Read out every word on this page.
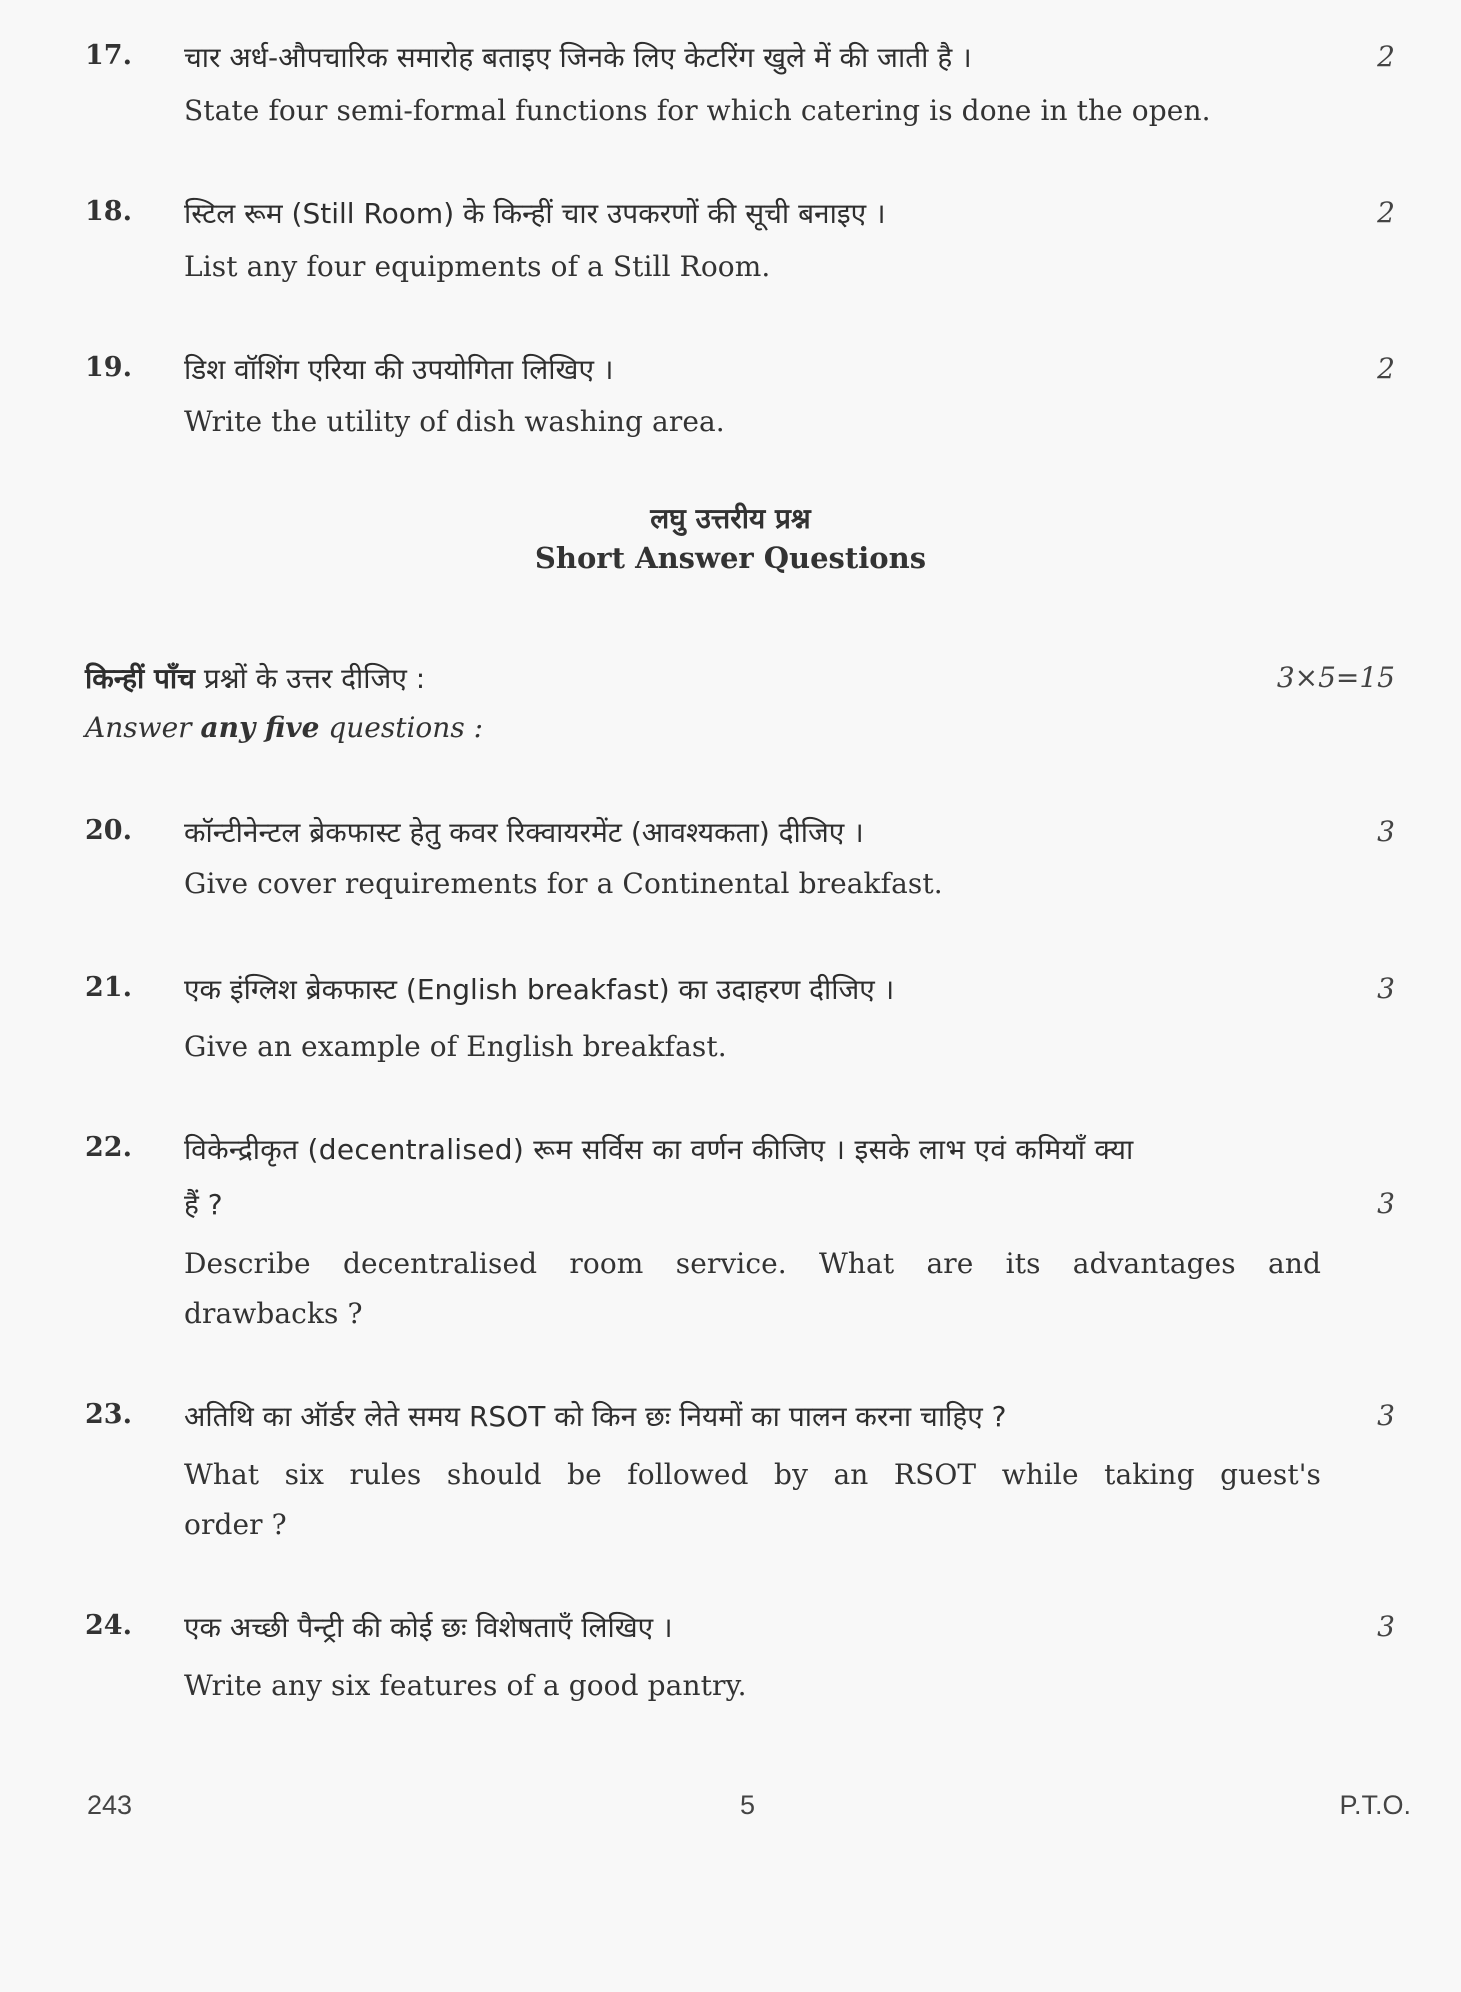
17. चार अर्ध-औपचारिक समारोह बताइए जिनके लिए केटरिंग खुले में की जाती है ।	2
State four semi-formal functions for which catering is done in the open.
18. स्टिल रूम (Still Room) के किन्हीं चार उपकरणों की सूची बनाइए ।	2
List any four equipments of a Still Room.
19. डिश वॉशिंग एरिया की उपयोगिता लिखिए ।	2
Write the utility of dish washing area.
लघु उत्तरीय प्रश्न
Short Answer Questions
किन्हीं पाँच प्रश्नों के उत्तर दीजिए :	3×5=15
Answer any five questions :
20. कॉन्टीनेन्टल ब्रेकफास्ट हेतु कवर रिक्वायरमेंट (आवश्यकता) दीजिए ।	3
Give cover requirements for a Continental breakfast.
21. एक इंग्लिश ब्रेकफास्ट (English breakfast) का उदाहरण दीजिए ।	3
Give an example of English breakfast.
22. विकेन्द्रीकृत (decentralised) रूम सर्विस का वर्णन कीजिए । इसके लाभ एवं कमियाँ क्या
हैं ?	3
Describe decentralised room service. What are its advantages and
drawbacks ?
23. अतिथि का ऑर्डर लेते समय RSOT को किन छः नियमों का पालन करना चाहिए ?	3
What six rules should be followed by an RSOT while taking guest's
order ?
24. एक अच्छी पैन्ट्री की कोई छः विशेषताएँ लिखिए ।	3
Write any six features of a good pantry.
243	5	P.T.O.
